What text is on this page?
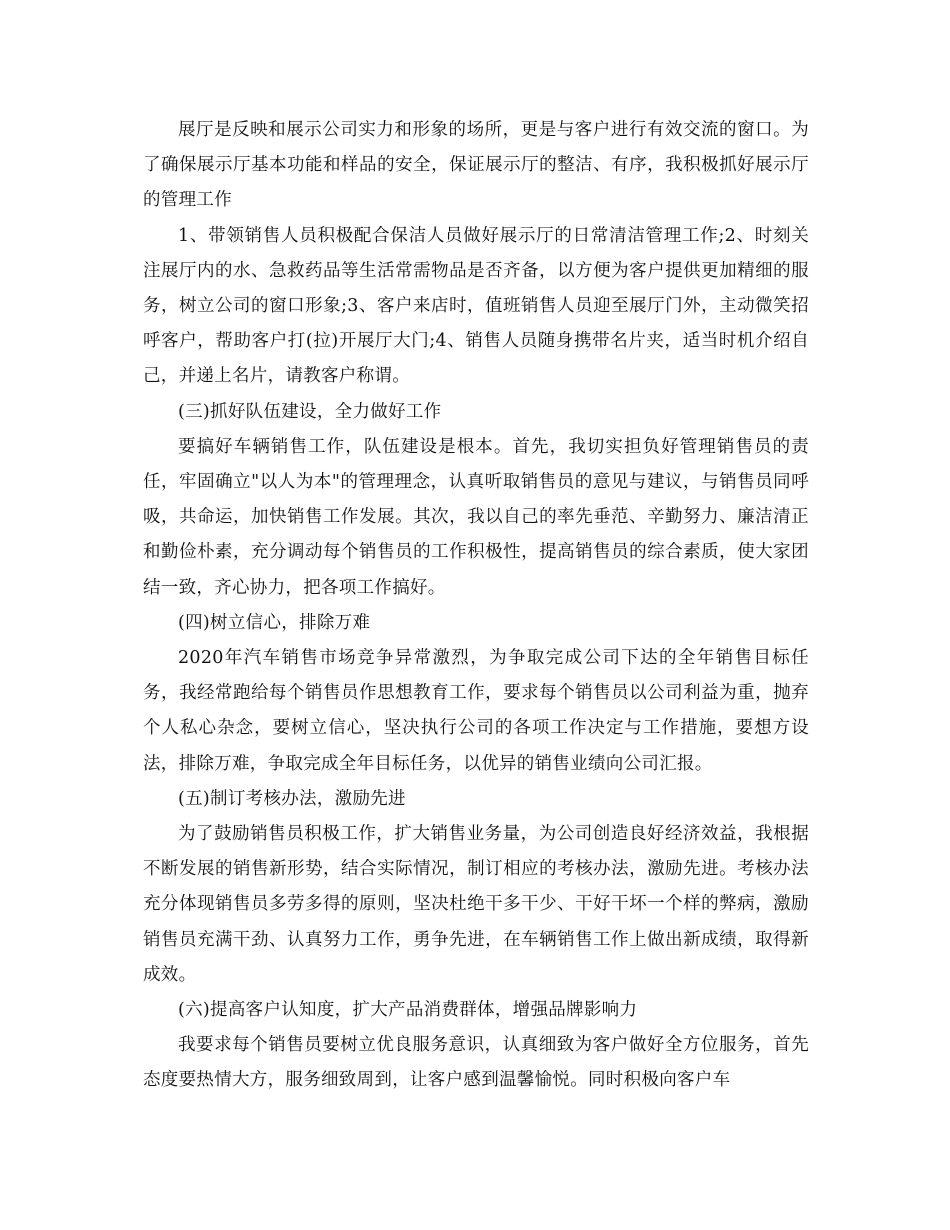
展厅是反映和展示公司实力和形象的场所，更是与客户进行有效交流的窗口。为了确保展示厅基本功能和样品的安全，保证展示厅的整洁、有序，我积极抓好展示厅的管理工作

1、带领销售人员积极配合保洁人员做好展示厅的日常清洁管理工作;2、时刻关注展厅内的水、急救药品等生活常需物品是否齐备，以方便为客户提供更加精细的服务，树立公司的窗口形象;3、客户来店时，值班销售人员迎至展厅门外，主动微笑招呼客户，帮助客户打(拉)开展厅大门;4、销售人员随身携带名片夹，适当时机介绍自己，并递上名片，请教客户称谓。

(三)抓好队伍建设，全力做好工作

要搞好车辆销售工作，队伍建设是根本。首先，我切实担负好管理销售员的责任，牢固确立"以人为本"的管理理念，认真听取销售员的意见与建议，与销售员同呼吸，共命运，加快销售工作发展。其次，我以自己的率先垂范、辛勤努力、廉洁清正和勤俭朴素，充分调动每个销售员的工作积极性，提高销售员的综合素质，使大家团结一致，齐心协力，把各项工作搞好。

(四)树立信心，排除万难

2020年汽车销售市场竞争异常激烈，为争取完成公司下达的全年销售目标任务，我经常跑给每个销售员作思想教育工作，要求每个销售员以公司利益为重，抛弃个人私心杂念，要树立信心，坚决执行公司的各项工作决定与工作措施，要想方设法，排除万难，争取完成全年目标任务，以优异的销售业绩向公司汇报。

(五)制订考核办法，激励先进

为了鼓励销售员积极工作，扩大销售业务量，为公司创造良好经济效益，我根据不断发展的销售新形势，结合实际情况，制订相应的考核办法，激励先进。考核办法充分体现销售员多劳多得的原则，坚决杜绝干多干少、干好干坏一个样的弊病，激励销售员充满干劲、认真努力工作，勇争先进，在车辆销售工作上做出新成绩，取得新成效。

(六)提高客户认知度，扩大产品消费群体，增强品牌影响力

我要求每个销售员要树立优良服务意识，认真细致为客户做好全方位服务，首先态度要热情大方，服务细致周到，让客户感到温馨愉悦。同时积极向客户车
